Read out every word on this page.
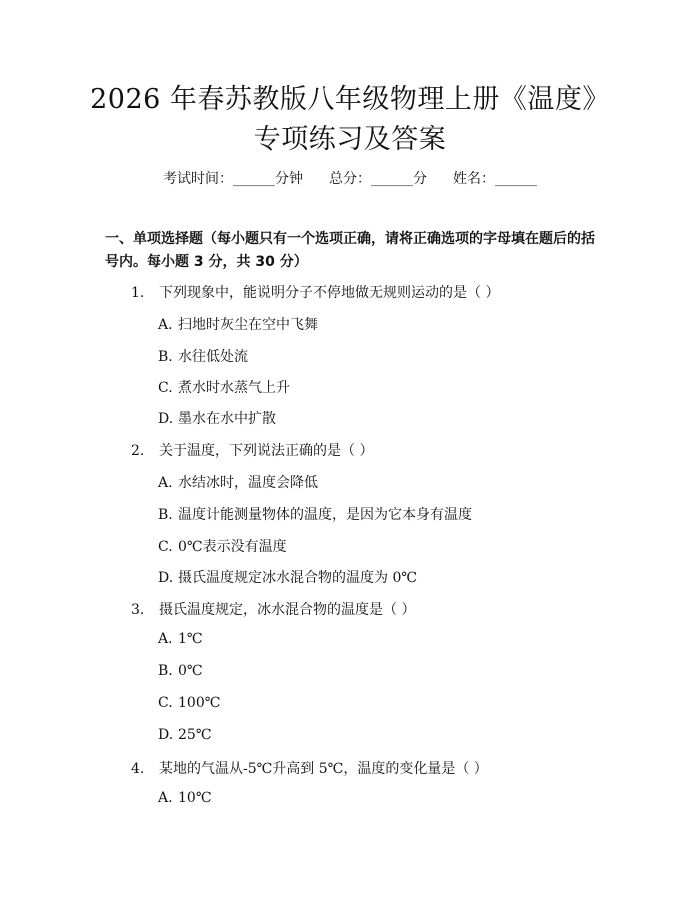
2026 年春苏教版八年级物理上册《温度》专项练习及答案
考试时间：______分钟 总分：______分 姓名：______
一、单项选择题（每小题只有一个选项正确，请将正确选项的字母填在题后的括号内。每小题 3 分，共 30 分）
1. 下列现象中，能说明分子不停地做无规则运动的是（ ）
A. 扫地时灰尘在空中飞舞
B. 水往低处流
C. 煮水时水蒸气上升
D. 墨水在水中扩散
2. 关于温度，下列说法正确的是（ ）
A. 水结冰时，温度会降低
B. 温度计能测量物体的温度，是因为它本身有温度
C. 0℃表示没有温度
D. 摄氏温度规定冰水混合物的温度为 0℃
3. 摄氏温度规定，冰水混合物的温度是（ ）
A. 1℃
B. 0℃
C. 100℃
D. 25℃
4. 某地的气温从-5℃升高到 5℃，温度的变化量是（ ）
A. 10℃
